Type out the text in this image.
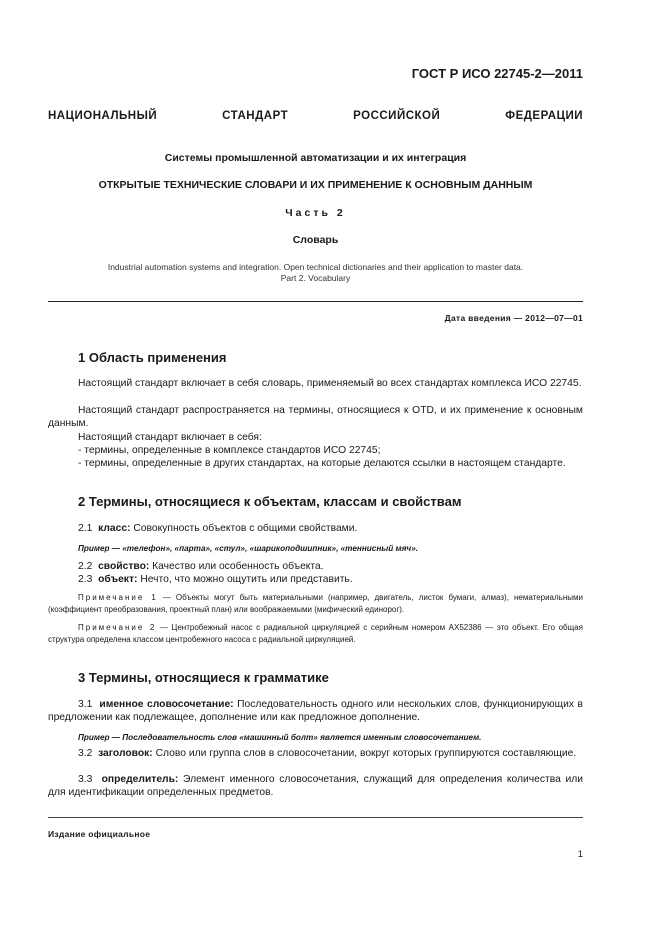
ГОСТ Р ИСО 22745-2—2011
НАЦИОНАЛЬНЫЙ СТАНДАРТ РОССИЙСКОЙ ФЕДЕРАЦИИ
Системы промышленной автоматизации и их интеграция
ОТКРЫТЫЕ ТЕХНИЧЕСКИЕ СЛОВАРИ И ИХ ПРИМЕНЕНИЕ К ОСНОВНЫМ ДАННЫМ
Часть 2
Словарь
Industrial automation systems and integration. Open technical dictionaries and their application to master data.
Part 2. Vocabulary
Дата введения — 2012—07—01
1 Область применения
Настоящий стандарт включает в себя словарь, применяемый во всех стандартах комплекса ИСО 22745.
Настоящий стандарт распространяется на термины, относящиеся к OTD, и их применение к основным данным.
Настоящий стандарт включает в себя:
- термины, определенные в комплексе стандартов ИСО 22745;
- термины, определенные в других стандартах, на которые делаются ссылки в настоящем стандарте.
2 Термины, относящиеся к объектам, классам и свойствам
2.1 класс: Совокупность объектов с общими свойствами.
Пример — «телефон», «парта», «стул», «шарикоподшипник», «теннисный мяч».
2.2 свойство: Качество или особенность объекта.
2.3 объект: Нечто, что можно ощутить или представить.
Примечание 1 — Объекты могут быть материальными (например, двигатель, листок бумаги, алмаз), нематериальными (коэффициент преобразования, проектный план) или воображаемыми (мифический единорог).
Примечание 2 — Центробежный насос с радиальной циркуляцией с серийным номером АХ52386 — это объект. Его общая структура определена классом центробежного насоса с радиальной циркуляцией.
3 Термины, относящиеся к грамматике
3.1 именное словосочетание: Последовательность одного или нескольких слов, функционирующих в предложении как подлежащее, дополнение или как предложное дополнение.
Пример — Последовательность слов «машинный болт» является именным словосочетанием.
3.2 заголовок: Слово или группа слов в словосочетании, вокруг которых группируются составляющие.
3.3 определитель: Элемент именного словосочетания, служащий для определения количества или для идентификации определенных предметов.
Издание официальное
1
